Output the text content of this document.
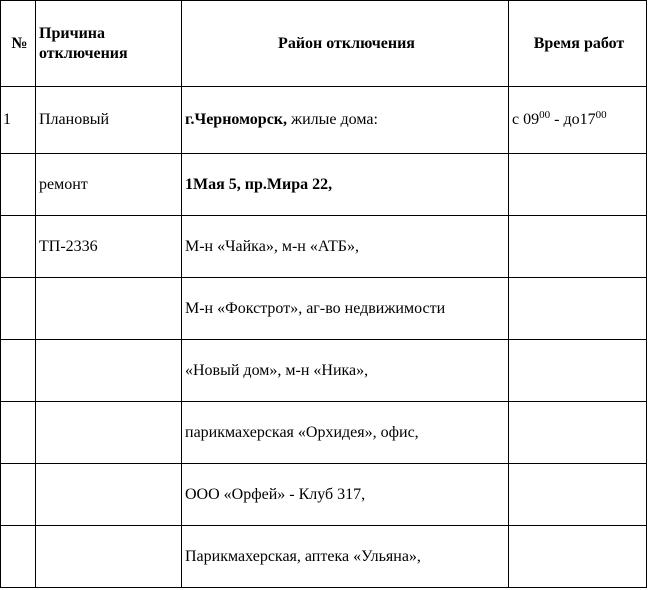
№	Причина отключения	Район отключения	Время работ
1	Плановый	г.Черноморск, жилые дома:	с $09^{00} - до17^{00}$
	ремонт	1Мая 5, пр.Мира 22,	
	ТП-2336	М-н «Чайка», м-н «АТБ»,	
		М-н «Фокстрот», аг-во недвижимости	
		«Новый дом», м-н «Ника»,	
		парикмахерская «Орхидея», офис,	
		ООО «Орфей» - Клуб 317,	
		Парикмахерская, аптека «Ульяна»,	
